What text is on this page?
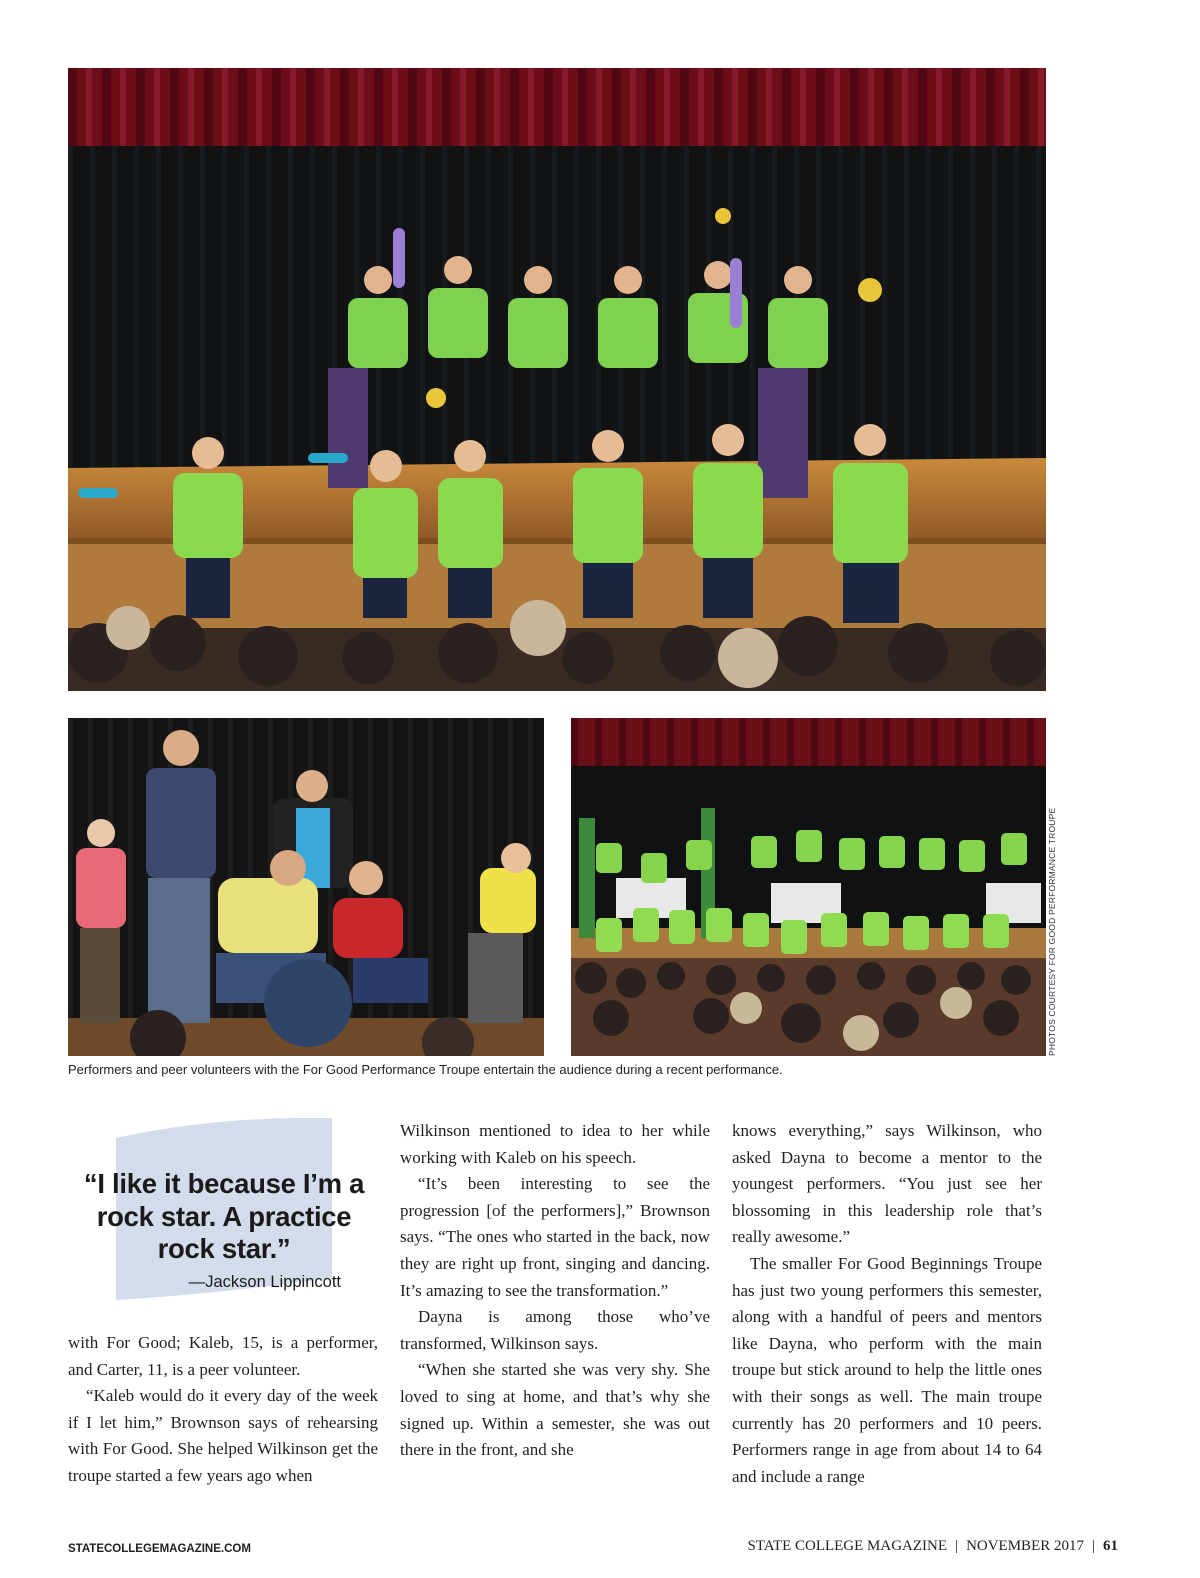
PHOTOS COURTESY FOR GOOD PERFORMANCE TROUPE
Performers and peer volunteers with the For Good Performance Troupe entertain the audience during a recent performance.
“I like it because I’m a rock star. A practice rock star.”
—Jackson Lippincott

with For Good; Kaleb, 15, is a performer, and Carter, 11, is a peer volunteer.

“Kaleb would do it every day of the week if I let him,” Brownson says of rehearsing with For Good. She helped Wilkinson get the troupe started a few years ago when

Wilkinson mentioned to idea to her while working with Kaleb on his speech.

“It’s been interesting to see the progression [of the performers],” Brownson says. “The ones who started in the back, now they are right up front, singing and dancing. It’s amazing to see the transformation.”

Dayna is among those who’ve transformed, Wilkinson says.

“When she started she was very shy. She loved to sing at home, and that’s why she signed up. Within a semester, she was out there in the front, and she

knows everything,” says Wilkinson, who asked Dayna to become a mentor to the youngest performers. “You just see her blossoming in this leadership role that’s really awesome.”

The smaller For Good Beginnings Troupe has just two young performers this semester, along with a handful of peers and mentors like Dayna, who perform with the main troupe but stick around to help the little ones with their songs as well. The main troupe currently has 20 performers and 10 peers. Performers range in age from about 14 to 64 and include a range

STATECOLLEGEMAGAZINE.COM	STATE COLLEGE MAGAZINE | NOVEMBER 2017 | 61
